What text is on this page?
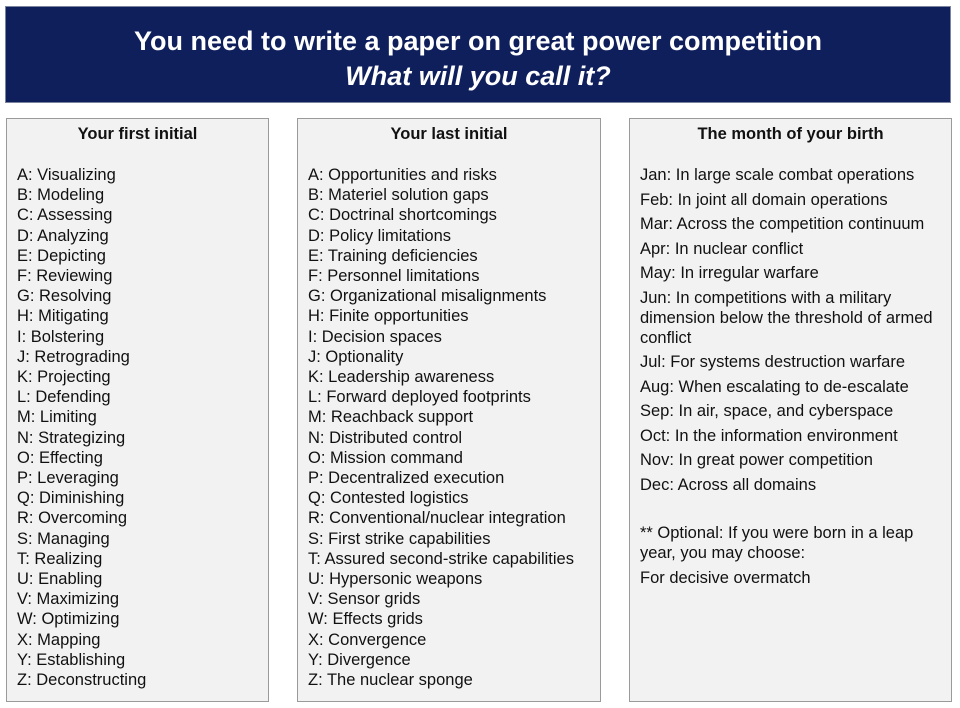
You need to write a paper on great power competition
What will you call it?
Your first initial
A: Visualizing
B: Modeling
C: Assessing
D: Analyzing
E: Depicting
F: Reviewing
G: Resolving
H: Mitigating
I: Bolstering
J: Retrograding
K: Projecting
L: Defending
M: Limiting
N: Strategizing
O: Effecting
P: Leveraging
Q: Diminishing
R: Overcoming
S: Managing
T: Realizing
U: Enabling
V: Maximizing
W: Optimizing
X: Mapping
Y: Establishing
Z: Deconstructing
Your last initial
A: Opportunities and risks
B: Materiel solution gaps
C: Doctrinal shortcomings
D: Policy limitations
E: Training deficiencies
F: Personnel limitations
G: Organizational misalignments
H: Finite opportunities
I: Decision spaces
J: Optionality
K: Leadership awareness
L: Forward deployed footprints
M: Reachback support
N: Distributed control
O: Mission command
P: Decentralized execution
Q: Contested logistics
R: Conventional/nuclear integration
S: First strike capabilities
T: Assured second-strike capabilities
U: Hypersonic weapons
V: Sensor grids
W: Effects grids
X: Convergence
Y: Divergence
Z: The nuclear sponge
The month of your birth
Jan: In large scale combat operations
Feb: In joint all domain operations
Mar: Across the competition continuum
Apr: In nuclear conflict
May: In irregular warfare
Jun: In competitions with a military dimension below the threshold of armed conflict
Jul: For systems destruction warfare
Aug: When escalating to de-escalate
Sep: In air, space, and cyberspace
Oct: In the information environment
Nov: In great power competition
Dec: Across all domains
** Optional: If you were born in a leap year, you may choose:
For decisive overmatch
